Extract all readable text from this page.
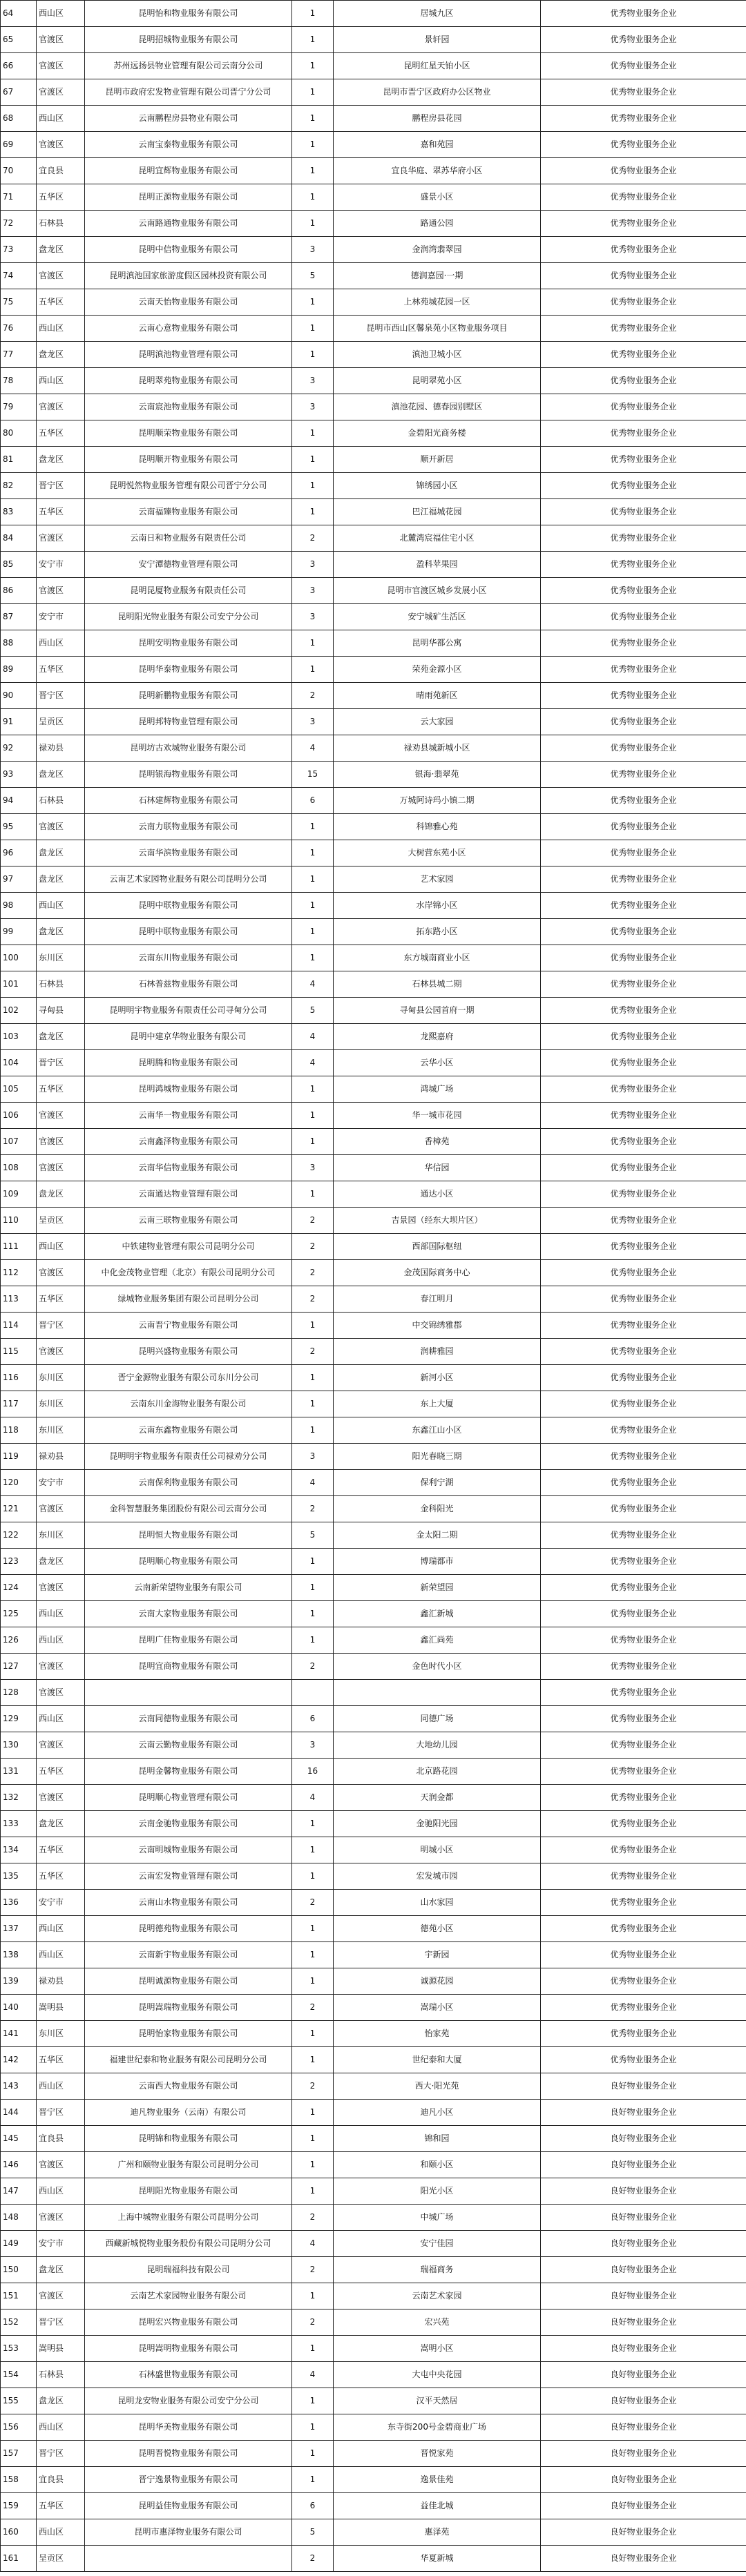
64	西山区	昆明怡和物业服务有限公司	1	居城九区	优秀物业服务企业
65	官渡区	昆明招城物业服务有限公司	1	景轩园	优秀物业服务企业
66	官渡区	苏州远扬县物业管理有限公司云南分公司	1	昆明红星天铂小区	优秀物业服务企业
67	官渡区	昆明市政府宏发物业管理有限公司晋宁分公司	1	昆明市晋宁区政府办公区物业	优秀物业服务企业
68	西山区	云南鹏程房县物业有限公司	1	鹏程房县花园	优秀物业服务企业
69	官渡区	云南宝泰物业服务有限公司	1	嘉和苑园	优秀物业服务企业
70	宜良县	昆明宜辉物业服务有限公司	1	宜良华庭、翠苏华府小区	优秀物业服务企业
71	五华区	昆明正源物业服务有限公司	1	盛景小区	优秀物业服务企业
72	石林县	云南路通物业服务有限公司	1	路通公园	优秀物业服务企业
73	盘龙区	昆明中信物业服务有限公司	3	金润湾翡翠园	优秀物业服务企业
74	官渡区	昆明滇池国家旅游度假区园林投资有限公司	5	德润嘉园·一期	优秀物业服务企业
75	五华区	云南天怡物业服务有限公司	1	上林苑城花园一区	优秀物业服务企业
76	西山区	云南心意物业服务有限公司	1	昆明市西山区馨泉苑小区物业服务项目	优秀物业服务企业
77	盘龙区	昆明滇池物业管理有限公司	1	滇池卫城小区	优秀物业服务企业
78	西山区	昆明翠苑物业服务有限公司	3	昆明翠苑小区	优秀物业服务企业
79	官渡区	云南宸池物业服务有限公司	3	滇池花园、德春园别墅区	优秀物业服务企业
80	五华区	昆明顺荣物业服务有限公司	1	金碧阳光商务楼	优秀物业服务企业
81	盘龙区	昆明顺开物业服务有限公司	1	顺开新居	优秀物业服务企业
82	晋宁区	昆明悦然物业服务管理有限公司晋宁分公司	1	锦绣园小区	优秀物业服务企业
83	五华区	云南福臻物业服务有限公司	1	巴江福城花园	优秀物业服务企业
84	官渡区	云南日和物业服务有限责任公司	2	北麓湾宸福住宅小区	优秀物业服务企业
85	安宁市	安宁潭德物业管理有限公司	3	盈科苹果园	优秀物业服务企业
86	官渡区	昆明昆厦物业服务有限责任公司	3	昆明市官渡区城乡发展小区	优秀物业服务企业
87	安宁市	昆明阳光物业服务有限公司安宁分公司	3	安宁城矿生活区	优秀物业服务企业
88	西山区	昆明安明物业服务有限公司	1	昆明华都公寓	优秀物业服务企业
89	五华区	昆明华泰物业服务有限公司	1	荣苑金源小区	优秀物业服务企业
90	晋宁区	昆明新鹏物业服务有限公司	2	晴雨苑新区	优秀物业服务企业
91	呈贡区	昆明邦特物业管理有限公司	3	云大家园	优秀物业服务企业
92	禄劝县	昆明坊古欢城物业服务有限公司	4	禄劝县城新城小区	优秀物业服务企业
93	盘龙区	昆明银海物业服务有限公司	15	银海·翡翠苑	优秀物业服务企业
94	石林县	石林建辉物业服务有限公司	6	万城阿诗玛小镇二期	优秀物业服务企业
95	官渡区	云南力联物业服务有限公司	1	科锦雅心苑	优秀物业服务企业
96	盘龙区	云南华滨物业服务有限公司	1	大树营东苑小区	优秀物业服务企业
97	盘龙区	云南艺术家园物业服务有限公司昆明分公司	1	艺术家园	优秀物业服务企业
98	西山区	昆明中联物业服务有限公司	1	水岸锦小区	优秀物业服务企业
99	盘龙区	昆明中联物业服务有限公司	1	拓东路小区	优秀物业服务企业
100	东川区	云南东川物业服务有限公司	1	东方城南商业小区	优秀物业服务企业
101	石林县	石林普兹物业服务有限公司	4	石林县城二期	优秀物业服务企业
102	寻甸县	昆明明宇物业服务有限责任公司寻甸分公司	5	寻甸县公园首府一期	优秀物业服务企业
103	盘龙区	昆明中建京华物业服务有限公司	4	龙熙嘉府	优秀物业服务企业
104	晋宁区	昆明腾和物业服务有限公司	4	云华小区	优秀物业服务企业
105	五华区	昆明鸿城物业服务有限公司	1	鸿城广场	优秀物业服务企业
106	官渡区	云南华一物业服务有限公司	1	华一城市花园	优秀物业服务企业
107	官渡区	云南鑫泽物业服务有限公司	1	香樟苑	优秀物业服务企业
108	官渡区	云南华信物业服务有限公司	3	华信园	优秀物业服务企业
109	盘龙区	云南通达物业管理有限公司	1	通达小区	优秀物业服务企业
110	呈贡区	云南三联物业服务有限公司	2	吉景园（经东大坝片区）	优秀物业服务企业
111	西山区	中铁建物业管理有限公司昆明分公司	2	西部国际枢纽	优秀物业服务企业
112	官渡区	中化金茂物业管理（北京）有限公司昆明分公司	2	金茂国际商务中心	优秀物业服务企业
113	五华区	绿城物业服务集团有限公司昆明分公司	2	春江明月	优秀物业服务企业
114	晋宁区	云南晋宁物业服务有限公司	1	中交锦绣雅郡	优秀物业服务企业
115	官渡区	昆明兴盛物业服务有限公司	2	润耕雅园	优秀物业服务企业
116	东川区	晋宁金源物业服务有限公司东川分公司	1	新河小区	优秀物业服务企业
117	东川区	云南东川金海物业服务有限公司	1	东上大厦	优秀物业服务企业
118	东川区	云南东鑫物业服务有限公司	1	东鑫江山小区	优秀物业服务企业
119	禄劝县	昆明明宇物业服务有限责任公司禄劝分公司	3	阳光春晓三期	优秀物业服务企业
120	安宁市	云南保利物业服务有限公司	4	保利宁湖	优秀物业服务企业
121	官渡区	金科智慧服务集团股份有限公司云南分公司	2	金科阳光	优秀物业服务企业
122	东川区	昆明恒大物业服务有限公司	5	金太阳二期	优秀物业服务企业
123	盘龙区	昆明顺心物业服务有限公司	1	博瑞都市	优秀物业服务企业
124	官渡区	云南新荣望物业服务有限公司	1	新荣望园	优秀物业服务企业
125	西山区	云南大家物业服务有限公司	1	鑫汇新城	优秀物业服务企业
126	西山区	昆明广佳物业服务有限公司	1	鑫汇尚苑	优秀物业服务企业
127	官渡区	昆明宜商物业服务有限公司	2	金色时代小区	优秀物业服务企业
128	官渡区				优秀物业服务企业
129	西山区	云南同德物业服务有限公司	6	同德广场	优秀物业服务企业
130	官渡区	云南云勤物业服务有限公司	3	大地幼儿园	优秀物业服务企业
131	五华区	昆明金馨物业服务有限公司	16	北京路花园	优秀物业服务企业
132	官渡区	昆明顺心物业管理有限公司	4	天润金都	优秀物业服务企业
133	盘龙区	云南金驰物业服务有限公司	1	金驰阳光园	优秀物业服务企业
134	五华区	云南明城物业服务有限公司	1	明城小区	优秀物业服务企业
135	五华区	云南宏发物业管理有限公司	1	宏发城市园	优秀物业服务企业
136	安宁市	云南山水物业服务有限公司	2	山水家园	优秀物业服务企业
137	西山区	昆明德苑物业服务有限公司	1	德苑小区	优秀物业服务企业
138	西山区	云南新宇物业服务有限公司	1	宇新园	优秀物业服务企业
139	禄劝县	昆明诚源物业服务有限公司	1	诚源花园	优秀物业服务企业
140	嵩明县	昆明嵩瑞物业服务有限公司	2	嵩瑞小区	优秀物业服务企业
141	东川区	昆明怡家物业服务有限公司	1	怡家苑	优秀物业服务企业
142	五华区	福建世纪泰和物业服务有限公司昆明分公司	1	世纪泰和大厦	优秀物业服务企业
143	西山区	云南西大物业服务有限公司	2	西大·阳光苑	良好物业服务企业
144	晋宁区	迪凡物业服务（云南）有限公司	1	迪凡小区	良好物业服务企业
145	宜良县	昆明锦和物业服务有限公司	1	锦和园	良好物业服务企业
146	官渡区	广州和颐物业服务有限公司昆明分公司	1	和颐小区	良好物业服务企业
147	西山区	昆明阳光物业服务有限公司	1	阳光小区	良好物业服务企业
148	官渡区	上海中城物业服务有限公司昆明分公司	2	中城广场	良好物业服务企业
149	安宁市	西藏新城悦物业服务股份有限公司昆明分公司	4	安宁佳园	良好物业服务企业
150	盘龙区	昆明瑞福科技有限公司	2	瑞福商务	良好物业服务企业
151	官渡区	云南艺术家园物业服务有限公司	1	云南艺术家园	良好物业服务企业
152	晋宁区	昆明宏兴物业服务有限公司	2	宏兴苑	良好物业服务企业
153	嵩明县	昆明嵩明物业服务有限公司	1	嵩明小区	良好物业服务企业
154	石林县	石林盛世物业服务有限公司	4	大屯中央花园	良好物业服务企业
155	盘龙区	昆明龙安物业服务有限公司安宁分公司	1	汉平天然居	良好物业服务企业
156	西山区	昆明华美物业服务有限公司	1	东寺街200号金碧商业广场	良好物业服务企业
157	晋宁区	昆明晋悦物业服务有限公司	1	晋悦家苑	良好物业服务企业
158	宜良县	晋宁逸景物业服务有限公司	1	逸景佳苑	良好物业服务企业
159	五华区	昆明益佳物业服务有限公司	6	益佳北城	良好物业服务企业
160	西山区	昆明市惠泽物业服务有限公司	5	惠泽苑	良好物业服务企业
161	呈贡区		2	华夏新城	良好物业服务企业
